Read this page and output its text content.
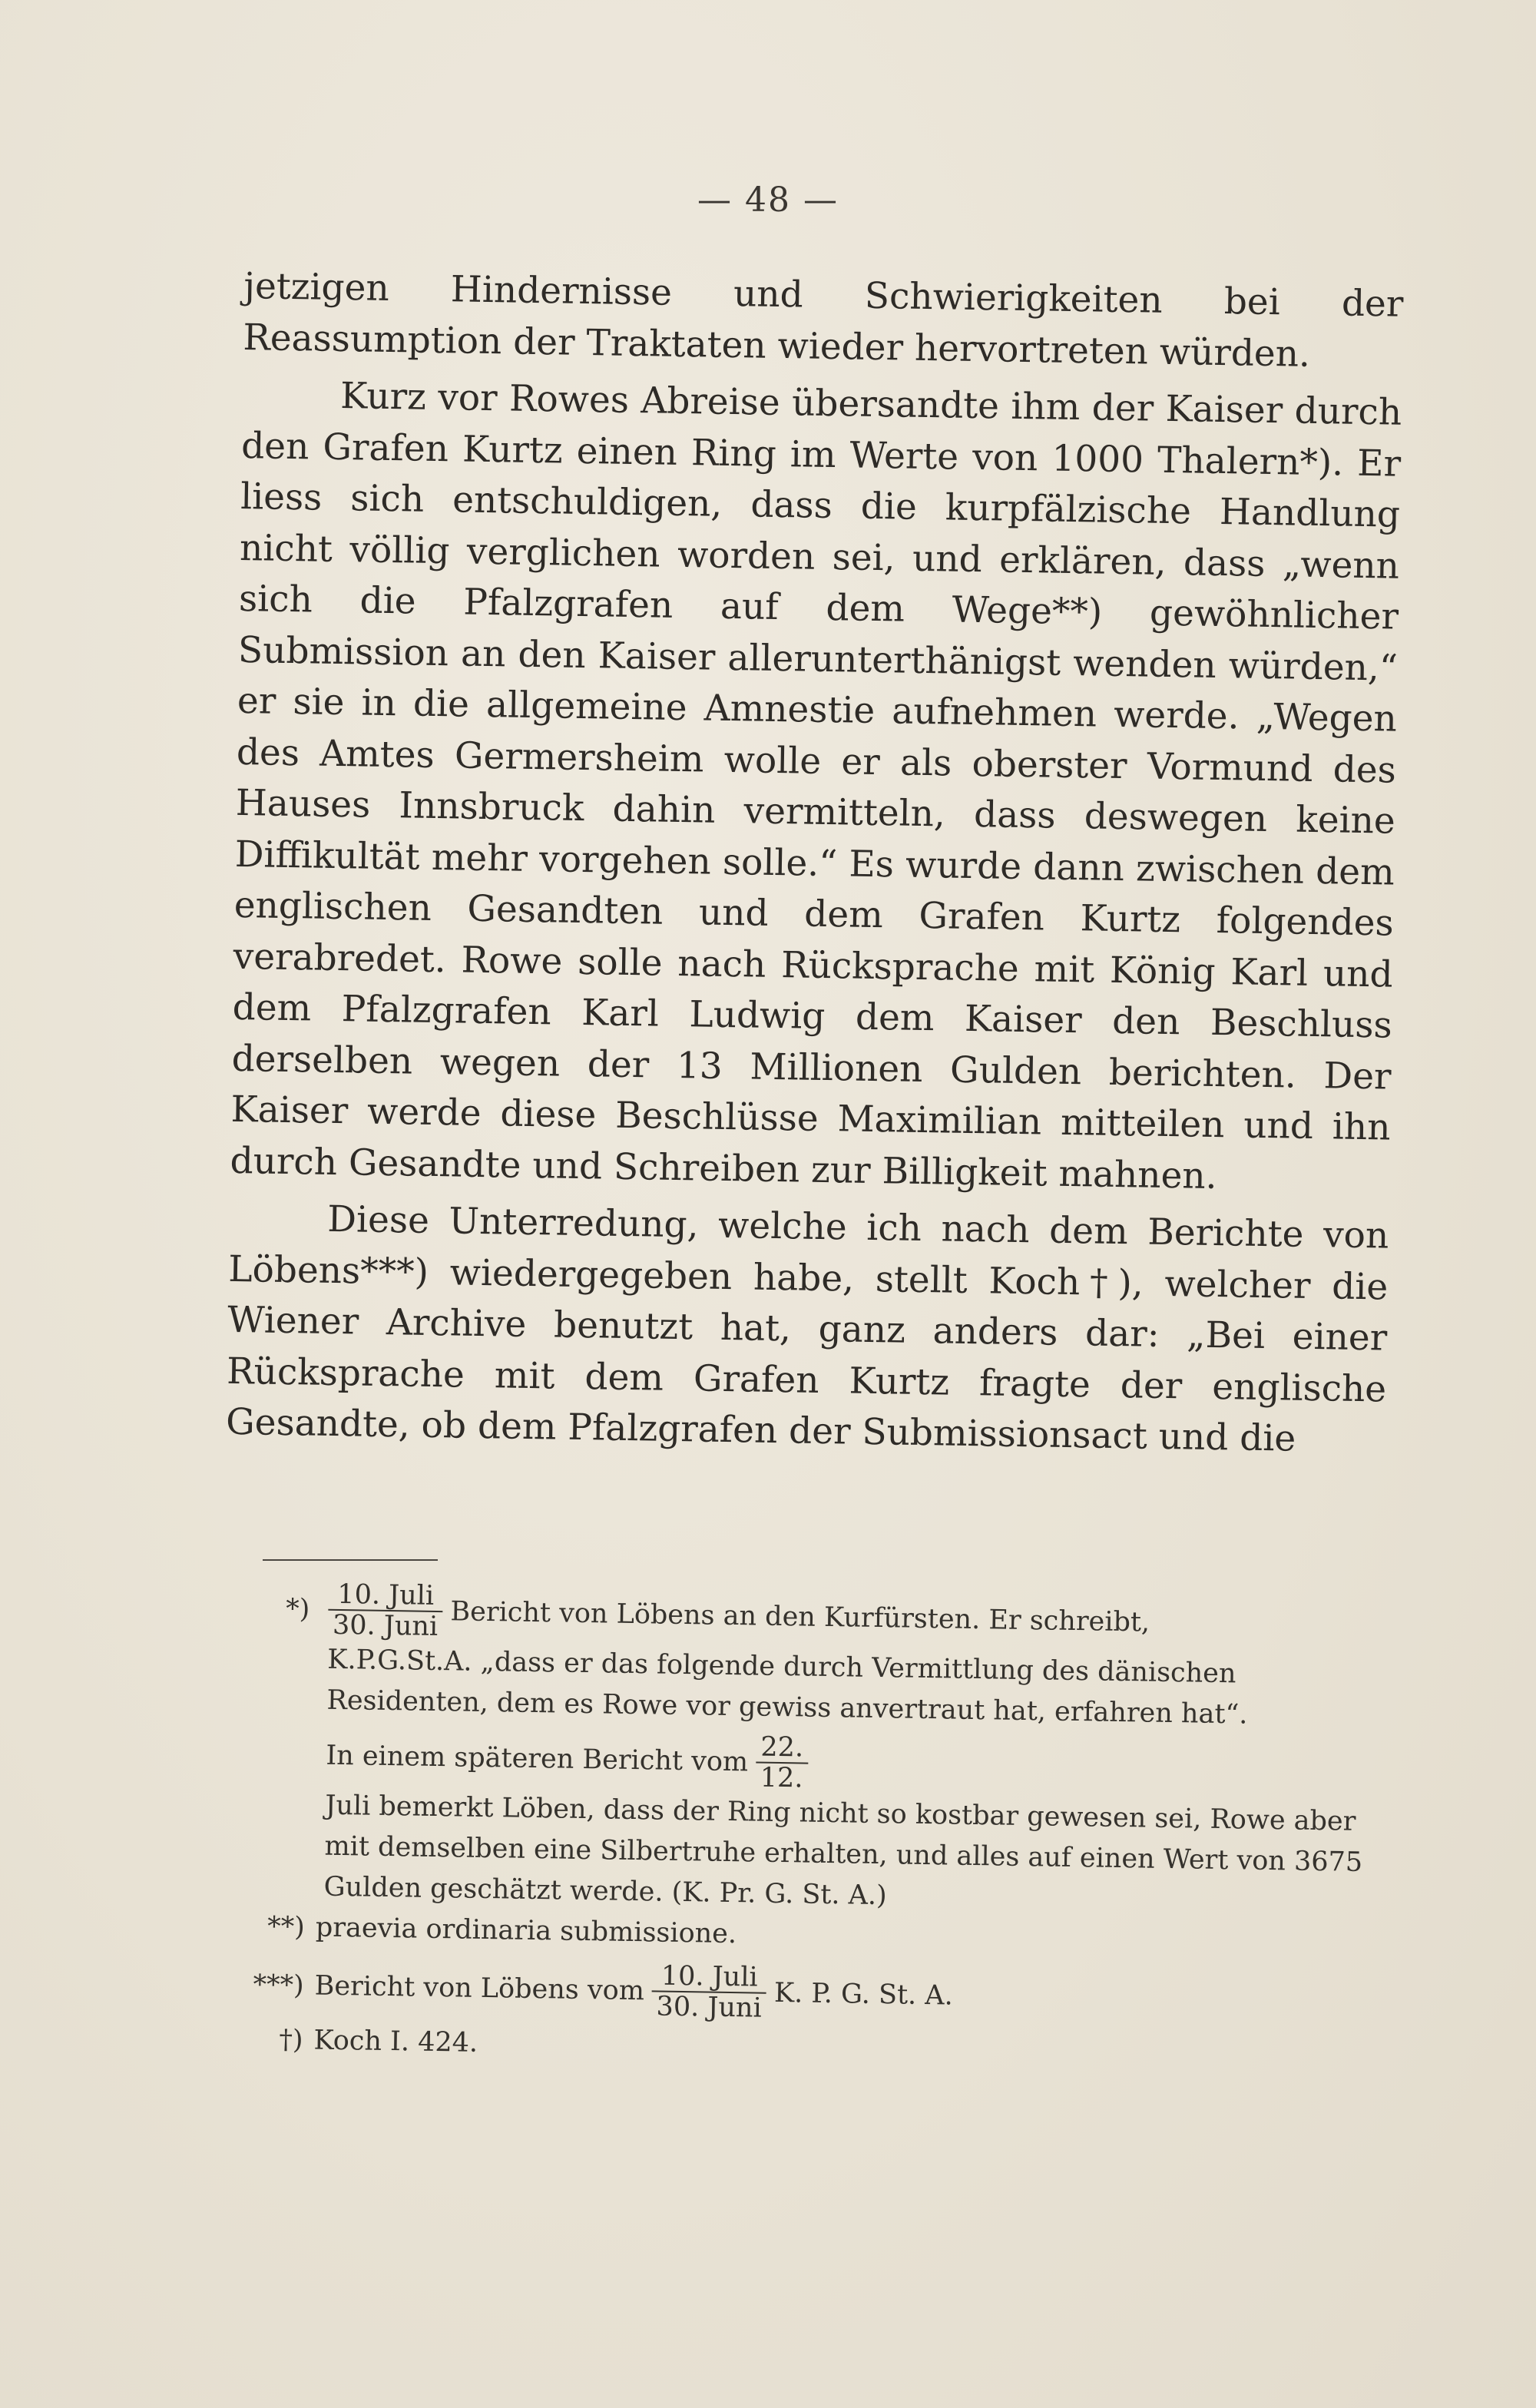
— 48 —

jetzigen Hindernisse und Schwierigkeiten bei der Reassumption der Traktaten wieder hervortreten würden.

Kurz vor Rowes Abreise übersandte ihm der Kaiser durch den Grafen Kurtz einen Ring im Werte von 1000 Thalern*). Er liess sich entschuldigen, dass die kurpfälzische Handlung nicht völlig verglichen worden sei, und erklären, dass „wenn sich die Pfalzgrafen auf dem Wege**) gewöhnlicher Submission an den Kaiser allerunterthänigst wenden würden,“ er sie in die allgemeine Amnestie aufnehmen werde. „Wegen des Amtes Germersheim wolle er als oberster Vormund des Hauses Innsbruck dahin vermitteln, dass deswegen keine Diffikultät mehr vorgehen solle.“ Es wurde dann zwischen dem englischen Gesandten und dem Grafen Kurtz folgendes verabredet. Rowe solle nach Rücksprache mit König Karl und dem Pfalzgrafen Karl Ludwig dem Kaiser den Beschluss derselben wegen der 13 Millionen Gulden berichten. Der Kaiser werde diese Beschlüsse Maximilian mitteilen und ihn durch Gesandte und Schreiben zur Billigkeit mahnen.

Diese Unterredung, welche ich nach dem Berichte von Löbens***) wiedergegeben habe, stellt Koch†), welcher die Wiener Archive benutzt hat, ganz anders dar: „Bei einer Rücksprache mit dem Grafen Kurtz fragte der englische Gesandte, ob dem Pfalzgrafen der Submissionsact und die

*) $\frac{\text{10. Juli}}{\text{30. Juni}}$ Bericht von Löbens an den Kurfürsten. Er schreibt,
K.P.G.St.A. „dass er das folgende durch Vermittlung des dänischen Residenten, dem es Rowe vor gewiss anvertraut hat, erfahren hat“.
In einem späteren Bericht vom $\frac{22.}{12.}$
Juli bemerkt Löben, dass der Ring nicht so kostbar gewesen sei, Rowe aber mit demselben eine Silbertruhe erhalten, und alles auf einen Wert von 3675 Gulden geschätzt werde. (K. Pr. G. St. A.)
**) praevia ordinaria submissione.
***) Bericht von Löbens vom $\frac{\text{10. Juli}}{\text{30. Juni}} K$. P. G. St. A.
†) Koch I. 424.
